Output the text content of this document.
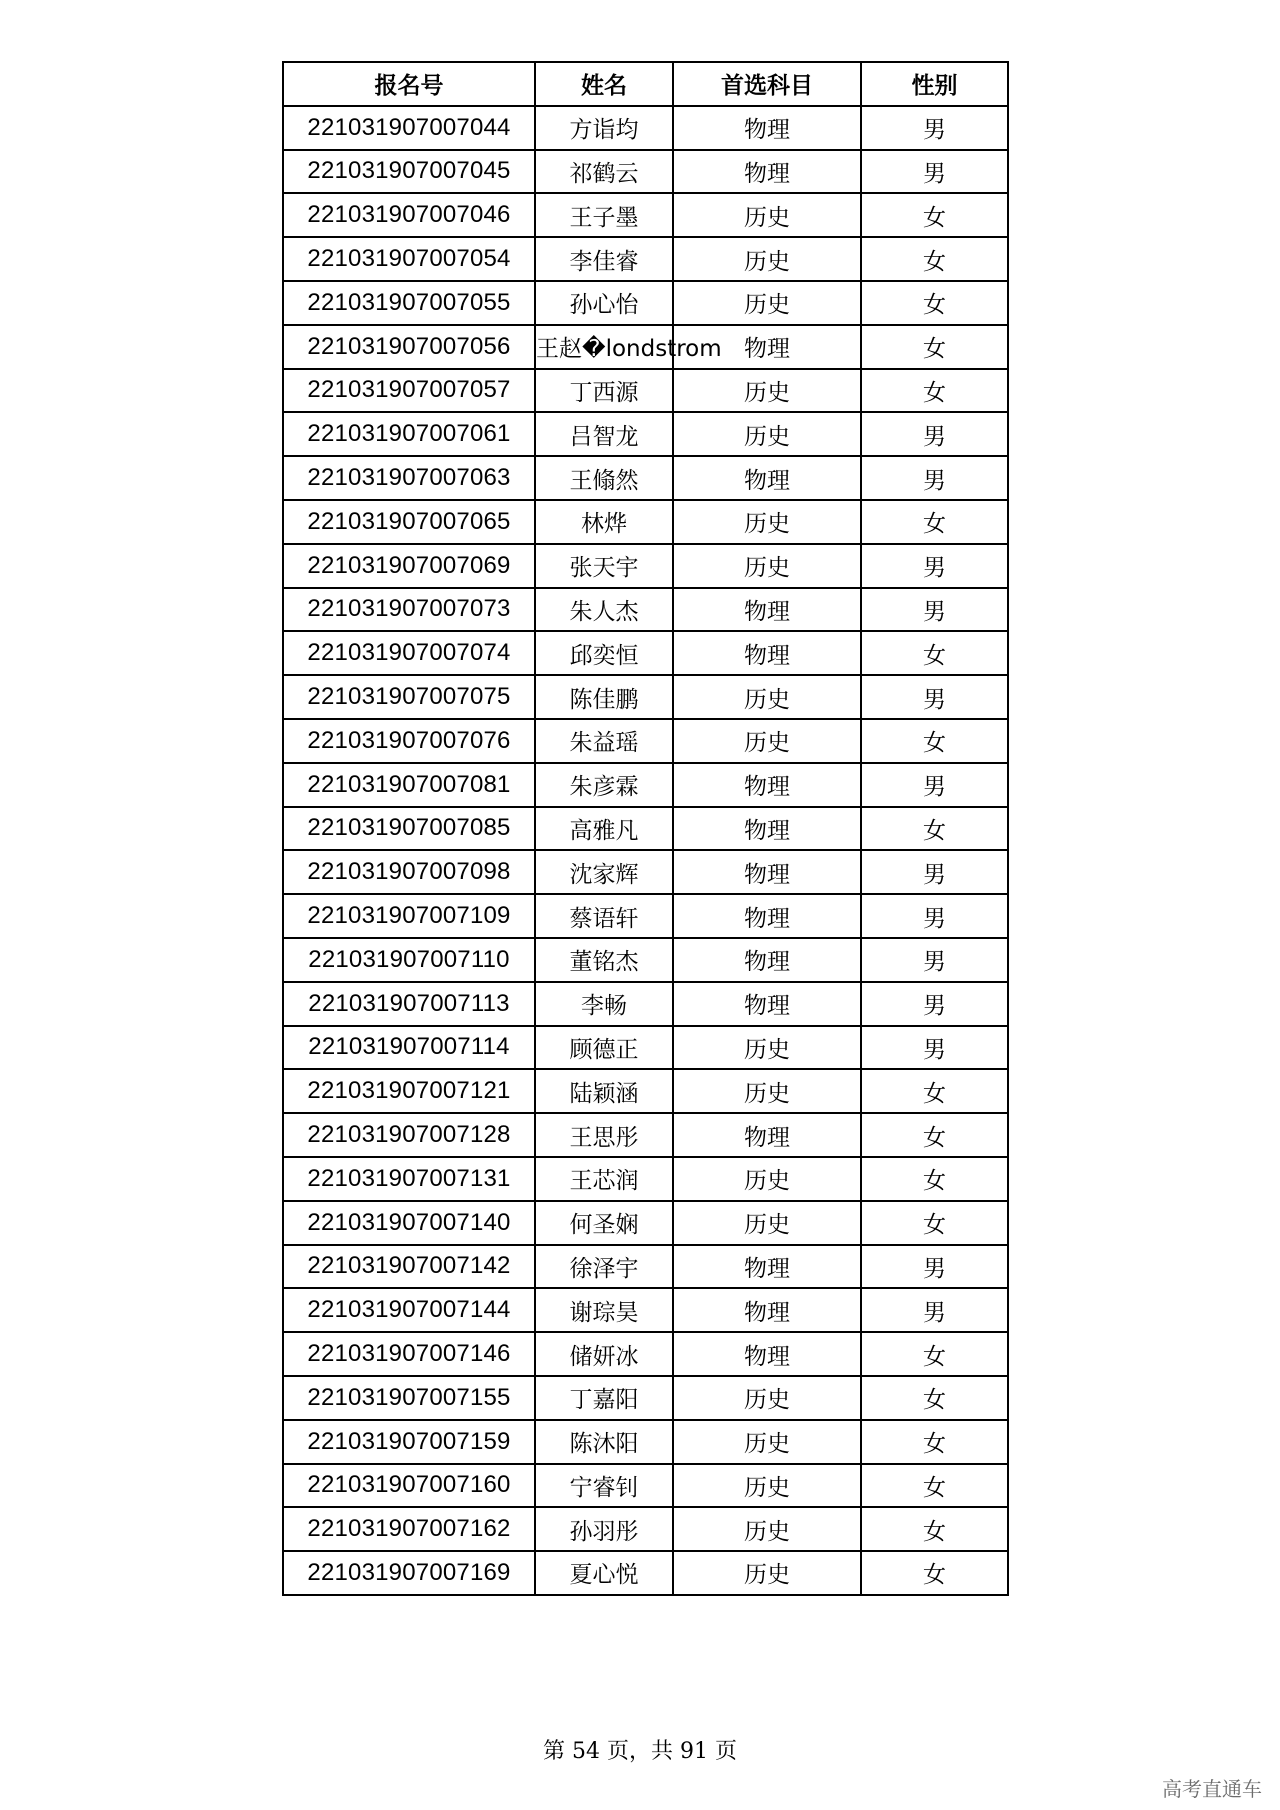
报名号	姓名	首选科目	性别
221031907007044	方诣均	物理	男
221031907007045	祁鹤云	物理	男
221031907007046	王子墨	历史	女
221031907007054	李佳睿	历史	女
221031907007055	孙心怡	历史	女
221031907007056	王赵�londstrom	物理	女
221031907007057	丁西源	历史	女
221031907007061	吕智龙	历史	男
221031907007063	王翛然	物理	男
221031907007065	林烨	历史	女
221031907007069	张天宇	历史	男
221031907007073	朱人杰	物理	男
221031907007074	邱奕恒	物理	女
221031907007075	陈佳鹏	历史	男
221031907007076	朱益瑶	历史	女
221031907007081	朱彦霖	物理	男
221031907007085	高雅凡	物理	女
221031907007098	沈家辉	物理	男
221031907007109	蔡语轩	物理	男
221031907007110	董铭杰	物理	男
221031907007113	李畅	物理	男
221031907007114	顾德正	历史	男
221031907007121	陆颖涵	历史	女
221031907007128	王思彤	物理	女
221031907007131	王芯润	历史	女
221031907007140	何圣娴	历史	女
221031907007142	徐泽宇	物理	男
221031907007144	谢琮昊	物理	男
221031907007146	储妍冰	物理	女
221031907007155	丁嘉阳	历史	女
221031907007159	陈沐阳	历史	女
221031907007160	宁睿钊	历史	女
221031907007162	孙羽彤	历史	女
221031907007169	夏心悦	历史	女
第 54 页，共 91 页
高考直通车
